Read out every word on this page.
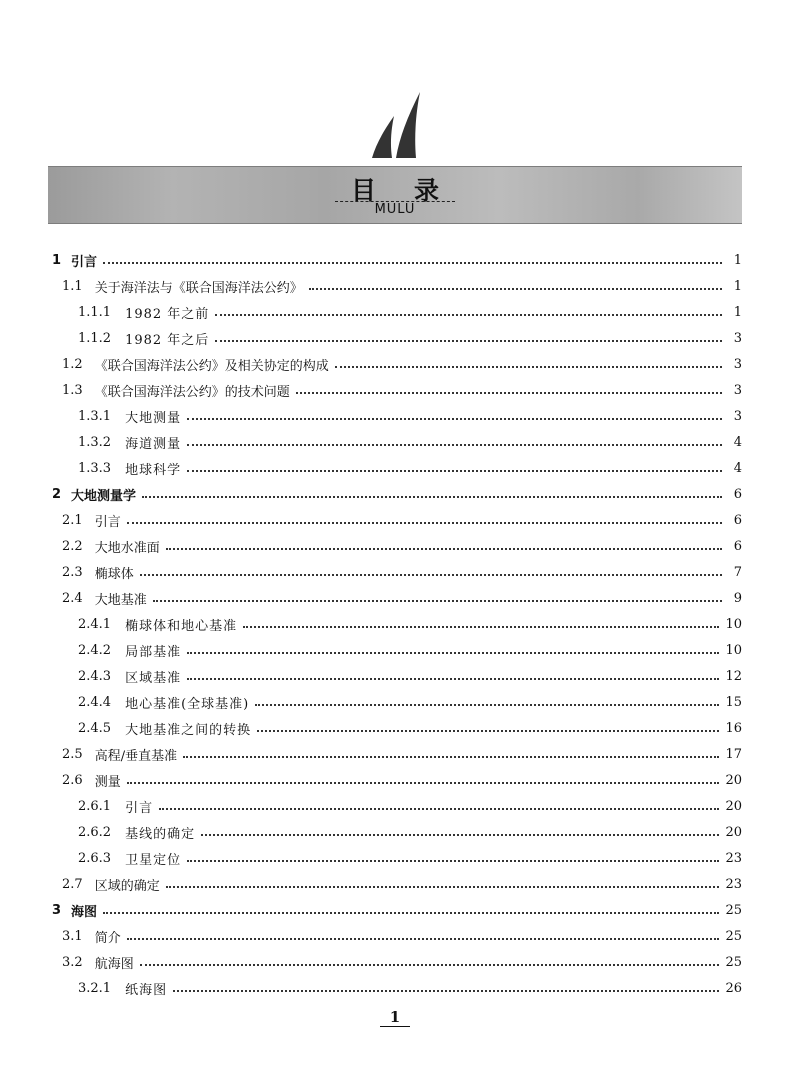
目录
MULU
1 引言	1
1.1 关于海洋法与《联合国海洋法公约》	1
1.1.1 1982 年之前	1
1.1.2 1982 年之后	3
1.2 《联合国海洋法公约》及相关协定的构成	3
1.3 《联合国海洋法公约》的技术问题	3
1.3.1 大地测量	3
1.3.2 海道测量	4
1.3.3 地球科学	4
2 大地测量学	6
2.1 引言	6
2.2 大地水准面	6
2.3 椭球体	7
2.4 大地基准	9
2.4.1 椭球体和地心基准	10
2.4.2 局部基准	10
2.4.3 区域基准	12
2.4.4 地心基准(全球基准)	15
2.4.5 大地基准之间的转换	16
2.5 高程/垂直基准	17
2.6 测量	20
2.6.1 引言	20
2.6.2 基线的确定	20
2.6.3 卫星定位	23
2.7 区域的确定	23
3 海图	25
3.1 简介	25
3.2 航海图	25
3.2.1 纸海图	26
1
